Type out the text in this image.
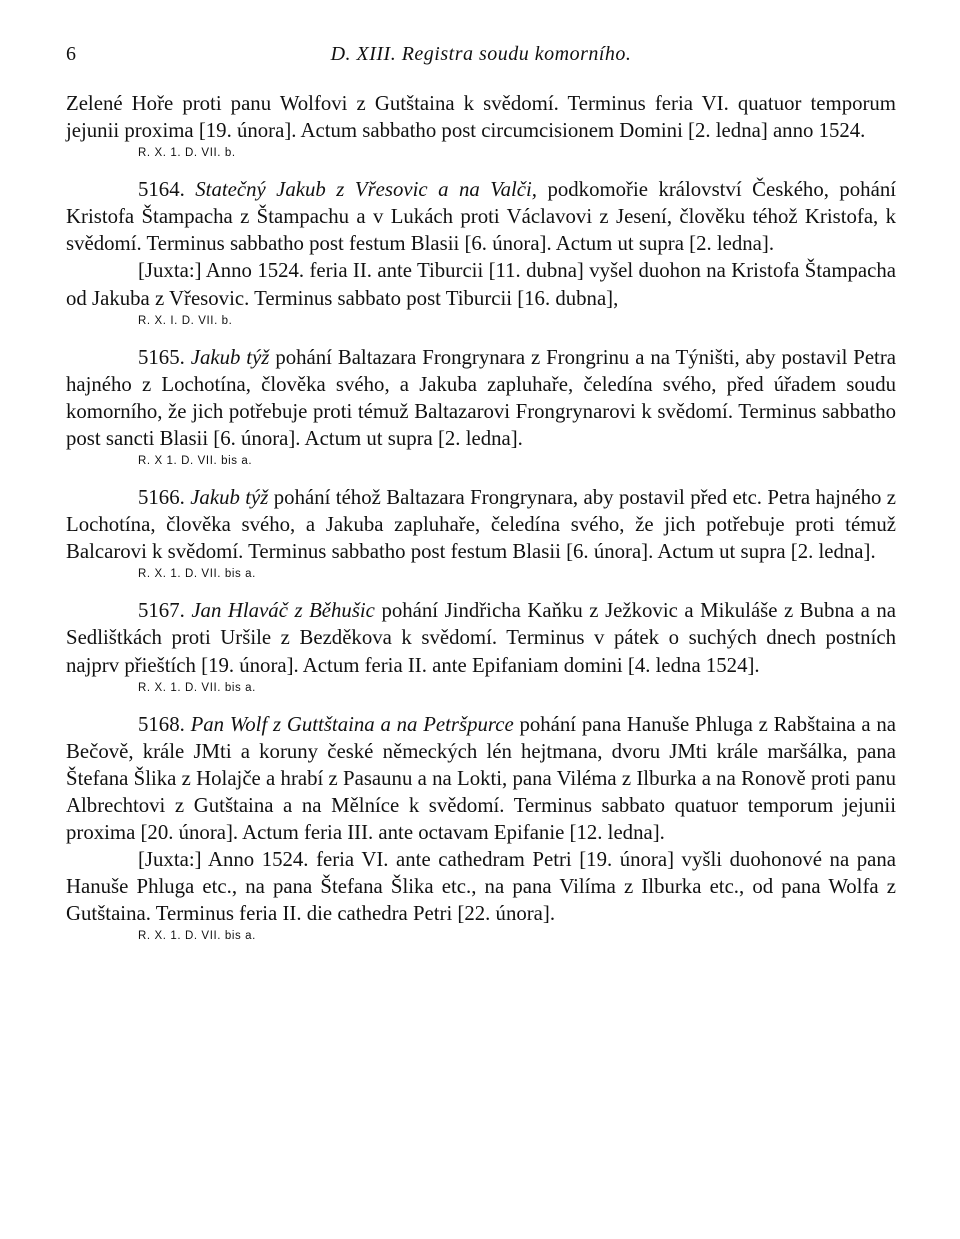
6	D. XIII. Registra soudu komorního.

Zelené Hoře proti panu Wolfovi z Gutštaina k svědomí. Terminus feria VI. quatuor temporum jejunii proxima [19. února]. Actum sabbatho post circumcisionem Domini [2. ledna] anno 1524.

R. X. 1. D. VII. b.

5164. Statečný Jakub z Vřesovic a na Valči, podkomořie království Českého, pohání Kristofa Štampacha z Štampachu a v Lukách proti Václavovi z Jesení, člověku téhož Kristofa, k svědomí. Terminus sabbatho post festum Blasii [6. února]. Actum ut supra [2. ledna].

[Juxta:] Anno 1524. feria II. ante Tiburcii [11. dubna] vyšel duohon na Kristofa Štampacha od Jakuba z Vřesovic. Terminus sabbato post Tiburcii [16. dubna],

R. X. I. D. VII. b.

5165. Jakub týž pohání Baltazara Frongrynara z Frongrinu a na Týništi, aby postavil Petra hajného z Lochotína, člověka svého, a Jakuba zapluhaře, čeledína svého, před úřadem soudu komorního, že jich potřebuje proti témuž Baltazarovi Frongrynarovi k svědomí. Terminus sabbatho post sancti Blasii [6. února]. Actum ut supra [2. ledna].

R. X 1. D. VII. bis a.

5166. Jakub týž pohání téhož Baltazara Frongrynara, aby postavil před etc. Petra hajného z Lochotína, člověka svého, a Jakuba zapluhaře, čeledína svého, že jich potřebuje proti témuž Balcarovi k svědomí. Terminus sabbatho post festum Blasii [6. února]. Actum ut supra [2. ledna].

R. X. 1. D. VII. bis a.

5167. Jan Hlaváč z Běhušic pohání Jindřicha Kaňku z Ježkovic a Mikuláše z Bubna a na Sedlištkách proti Uršile z Bezděkova k svědomí. Terminus v pátek o suchých dnech postních najprv přieštích [19. února]. Actum feria II. ante Epifaniam domini [4. ledna 1524].

R. X. 1. D. VII. bis a.

5168. Pan Wolf z Guttštaina a na Petršpurce pohání pana Hanuše Phluga z Rabštaina a na Bečově, krále JMti a koruny české německých lén hejtmana, dvoru JMti krále maršálka, pana Štefana Šlika z Holajče a hrabí z Pasaunu a na Lokti, pana Viléma z Ilburka a na Ronově proti panu Albrechtovi z Gutštaina a na Mělníce k svědomí. Terminus sabbato quatuor temporum jejunii proxima [20. února]. Actum feria III. ante octavam Epifanie [12. ledna].

[Juxta:] Anno 1524. feria VI. ante cathedram Petri [19. února] vyšli duohonové na pana Hanuše Phluga etc., na pana Štefana Šlika etc., na pana Vilíma z Ilburka etc., od pana Wolfa z Gutštaina. Terminus feria II. die cathedra Petri [22. února].

R. X. 1. D. VII. bis a.
